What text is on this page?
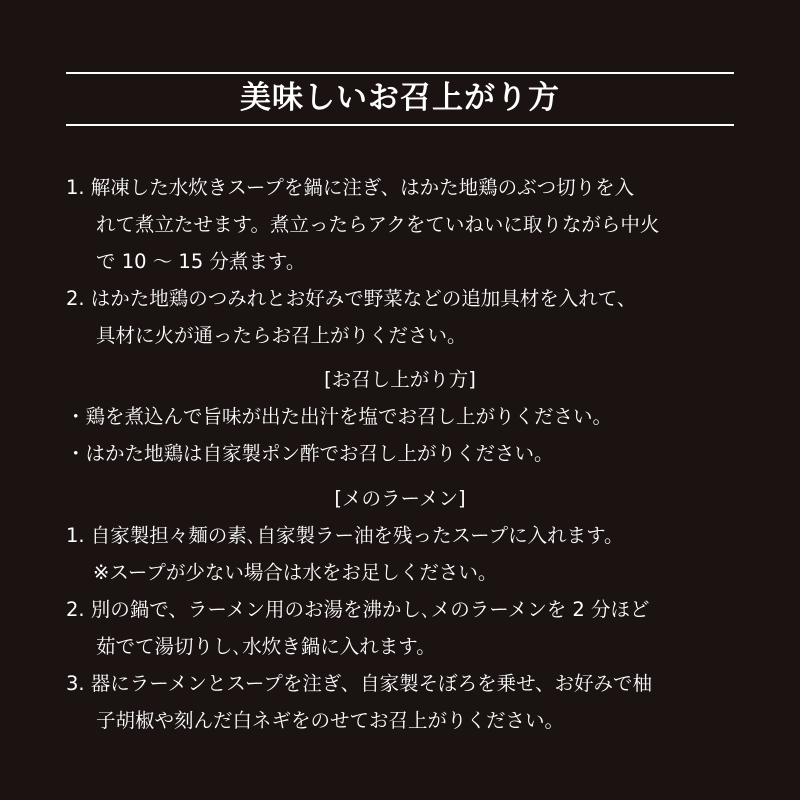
美味しいお召上がり方
1. 解凍した水炊きスープを鍋に注ぎ、はかた地鶏のぶつ切りを入
れて煮立たせます。煮立ったらアクをていねいに取りながら中火
で 10 〜 15 分煮ます。
2. はかた地鶏のつみれとお好みで野菜などの追加具材を入れて、
具材に火が通ったらお召上がりください。
[お召し上がり方]
・鶏を煮込んで旨味が出た出汁を塩でお召し上がりください。
・はかた地鶏は自家製ポン酢でお召し上がりください。
[メのラーメン]
1. 自家製担々麺の素､自家製ラー油を残ったスープに入れます。
※スープが少ない場合は水をお足しください。
2. 別の鍋で、ラーメン用のお湯を沸かし､メのラーメンを 2 分ほど
茹でて湯切りし､水炊き鍋に入れます。
3. 器にラーメンとスープを注ぎ、自家製そぼろを乗せ、お好みで柚
子胡椒や刻んだ白ネギをのせてお召上がりください。
